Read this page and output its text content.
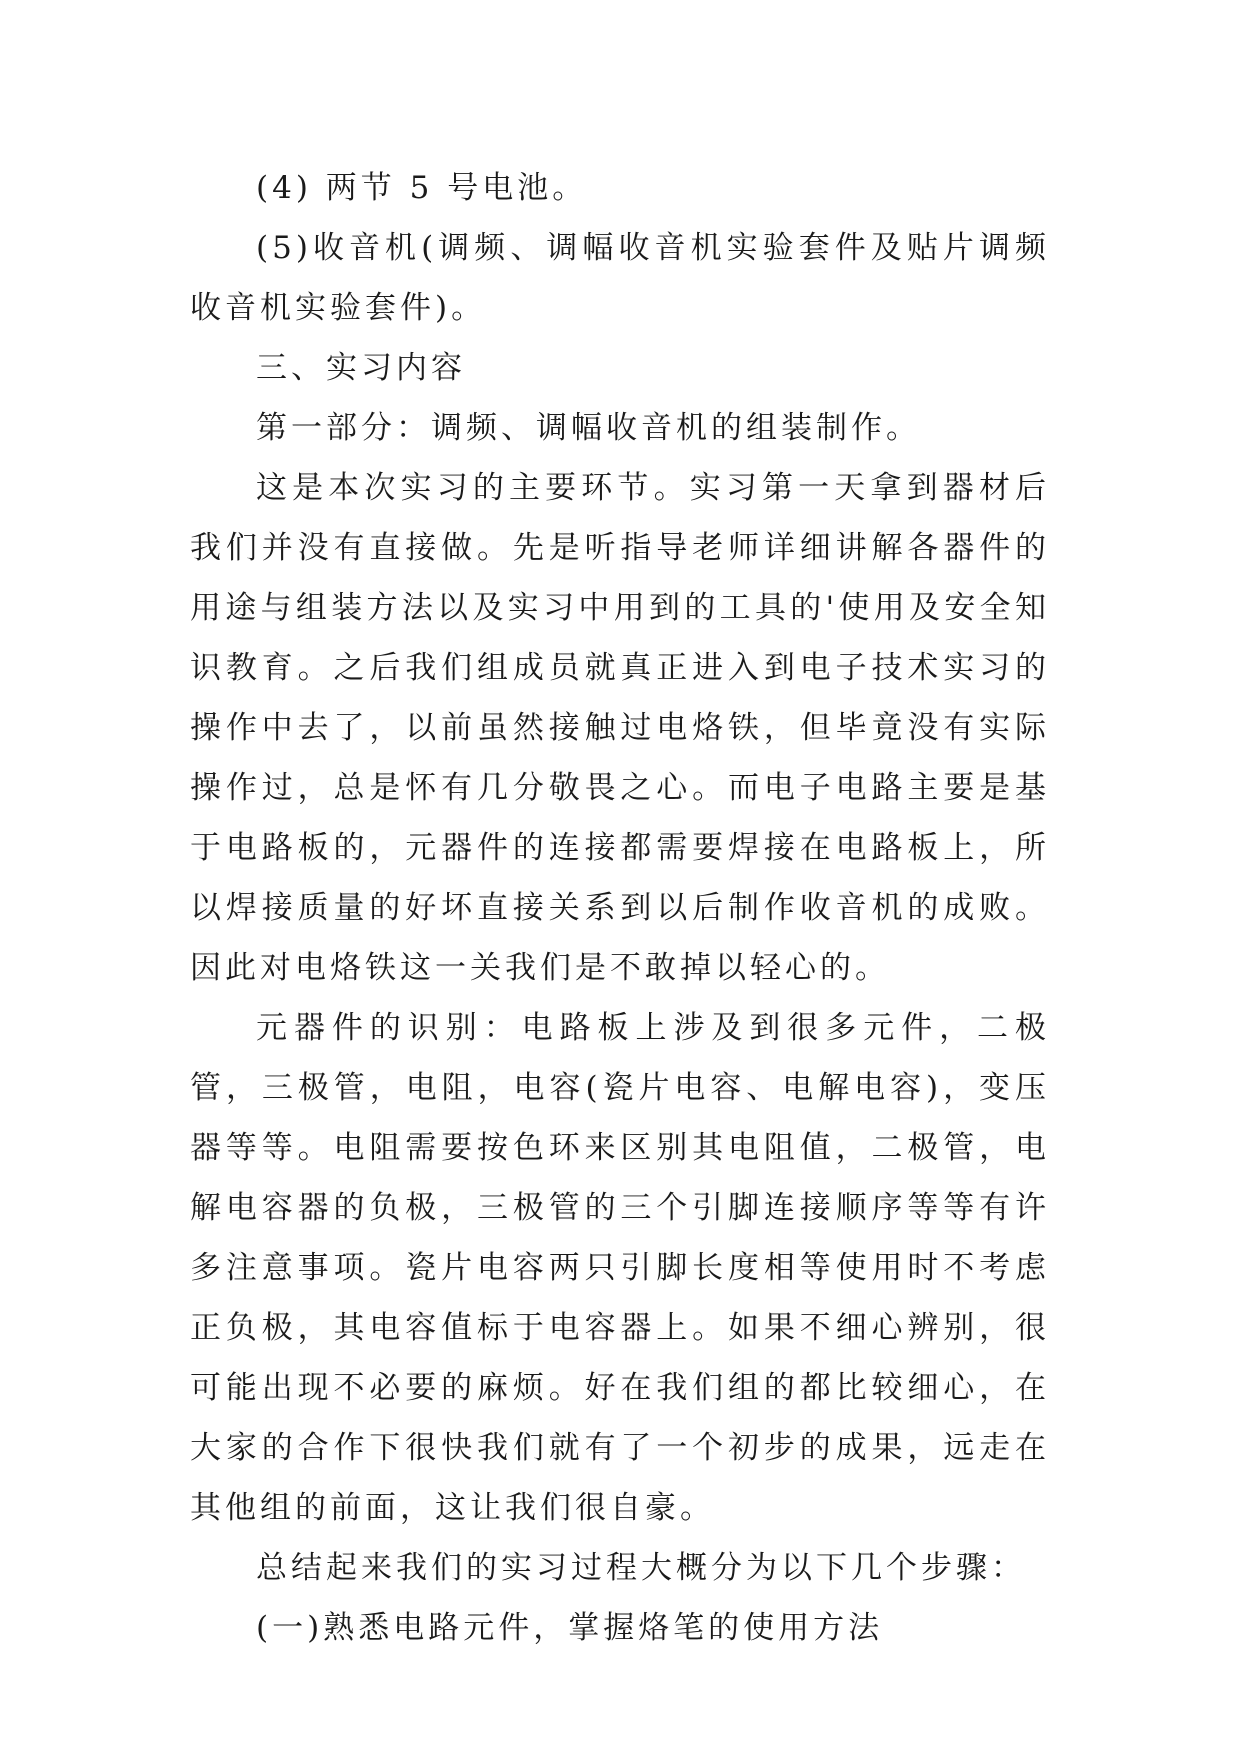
(4) 两节 5 号电池。

(5)收音机(调频、调幅收音机实验套件及贴片调频收音机实验套件)。

三、实习内容

第一部分：调频、调幅收音机的组装制作。

这是本次实习的主要环节。实习第一天拿到器材后我们并没有直接做。先是听指导老师详细讲解各器件的用途与组装方法以及实习中用到的工具的'使用及安全知识教育。之后我们组成员就真正进入到电子技术实习的操作中去了，以前虽然接触过电烙铁，但毕竟没有实际操作过，总是怀有几分敬畏之心。而电子电路主要是基于电路板的，元器件的连接都需要焊接在电路板上，所以焊接质量的好坏直接关系到以后制作收音机的成败。因此对电烙铁这一关我们是不敢掉以轻心的。

元器件的识别：电路板上涉及到很多元件，二极管，三极管，电阻，电容(瓷片电容、电解电容)，变压器等等。电阻需要按色环来区别其电阻值，二极管，电解电容器的负极，三极管的三个引脚连接顺序等等有许多注意事项。瓷片电容两只引脚长度相等使用时不考虑正负极，其电容值标于电容器上。如果不细心辨别，很可能出现不必要的麻烦。好在我们组的都比较细心，在大家的合作下很快我们就有了一个初步的成果，远走在其他组的前面，这让我们很自豪。

总结起来我们的实习过程大概分为以下几个步骤：

(一)熟悉电路元件，掌握烙笔的使用方法
